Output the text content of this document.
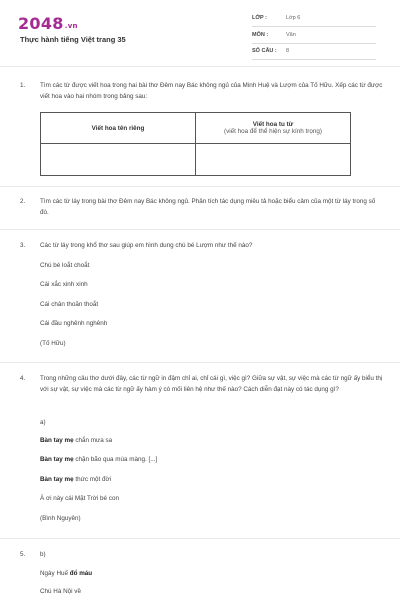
2048.vn
Thực hành tiếng Việt trang 35
LỚP :	Lớp 6
MÔN :	Văn
SỐ CÂU : 8
1. Tìm các từ được viết hoa trong hai bài thơ Đêm nay Bác không ngủ của Minh Huệ và Lượm của Tố Hữu. Xếp các từ được viết hoa vào hai nhóm trong bảng sau:
Viết hoa tên riêng	Viết hoa tu từ
(viết hoa để thể hiện sự kính trọng)

2. Tìm các từ láy trong bài thơ Đêm nay Bác không ngủ. Phân tích tác dụng miêu tả hoặc biểu cảm của một từ láy trong số đó.
3. Các từ láy trong khổ thơ sau giúp em hình dung chú bé Lượm như thế nào?
Chú bé loắt choắt
Cái xắc xinh xinh
Cái chân thoăn thoắt
Cái đầu nghênh nghênh
(Tố Hữu)
4. Trong những câu thơ dưới đây, các từ ngữ in đậm chỉ ai, chỉ cái gì, việc gì? Giữa sự vật, sự việc mà các từ ngữ ấy biểu thị với sự vật, sự việc mà các từ ngữ ấy hàm ý có mối liên hệ như thế nào? Cách diễn đạt này có tác dụng gì?
a)
Bàn tay mẹ chắn mưa sa
Bàn tay mẹ chặn bão qua mùa màng. [...]
Bàn tay mẹ thức một đời
À ơi này cái Mặt Trời bé con
(Bình Nguyên)
5. b)
Ngày Huế đổ máu
Chú Hà Nội về
